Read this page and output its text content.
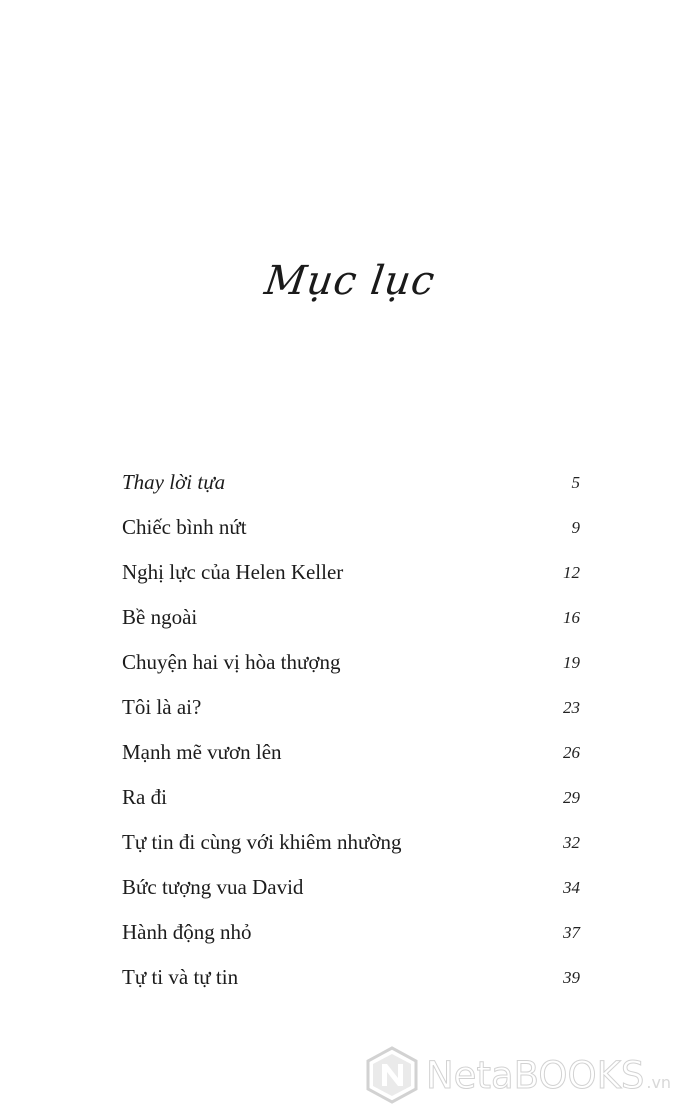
Mục lục
Thay lời tựa	5
Chiếc bình nứt	9
Nghị lực của Helen Keller	12
Bề ngoài	16
Chuyện hai vị hòa thượng	19
Tôi là ai?	23
Mạnh mẽ vươn lên	26
Ra đi	29
Tự tin đi cùng với khiêm nhường	32
Bức tượng vua David	34
Hành động nhỏ	37
Tự ti và tự tin	39
NetaBOOKS .vn
